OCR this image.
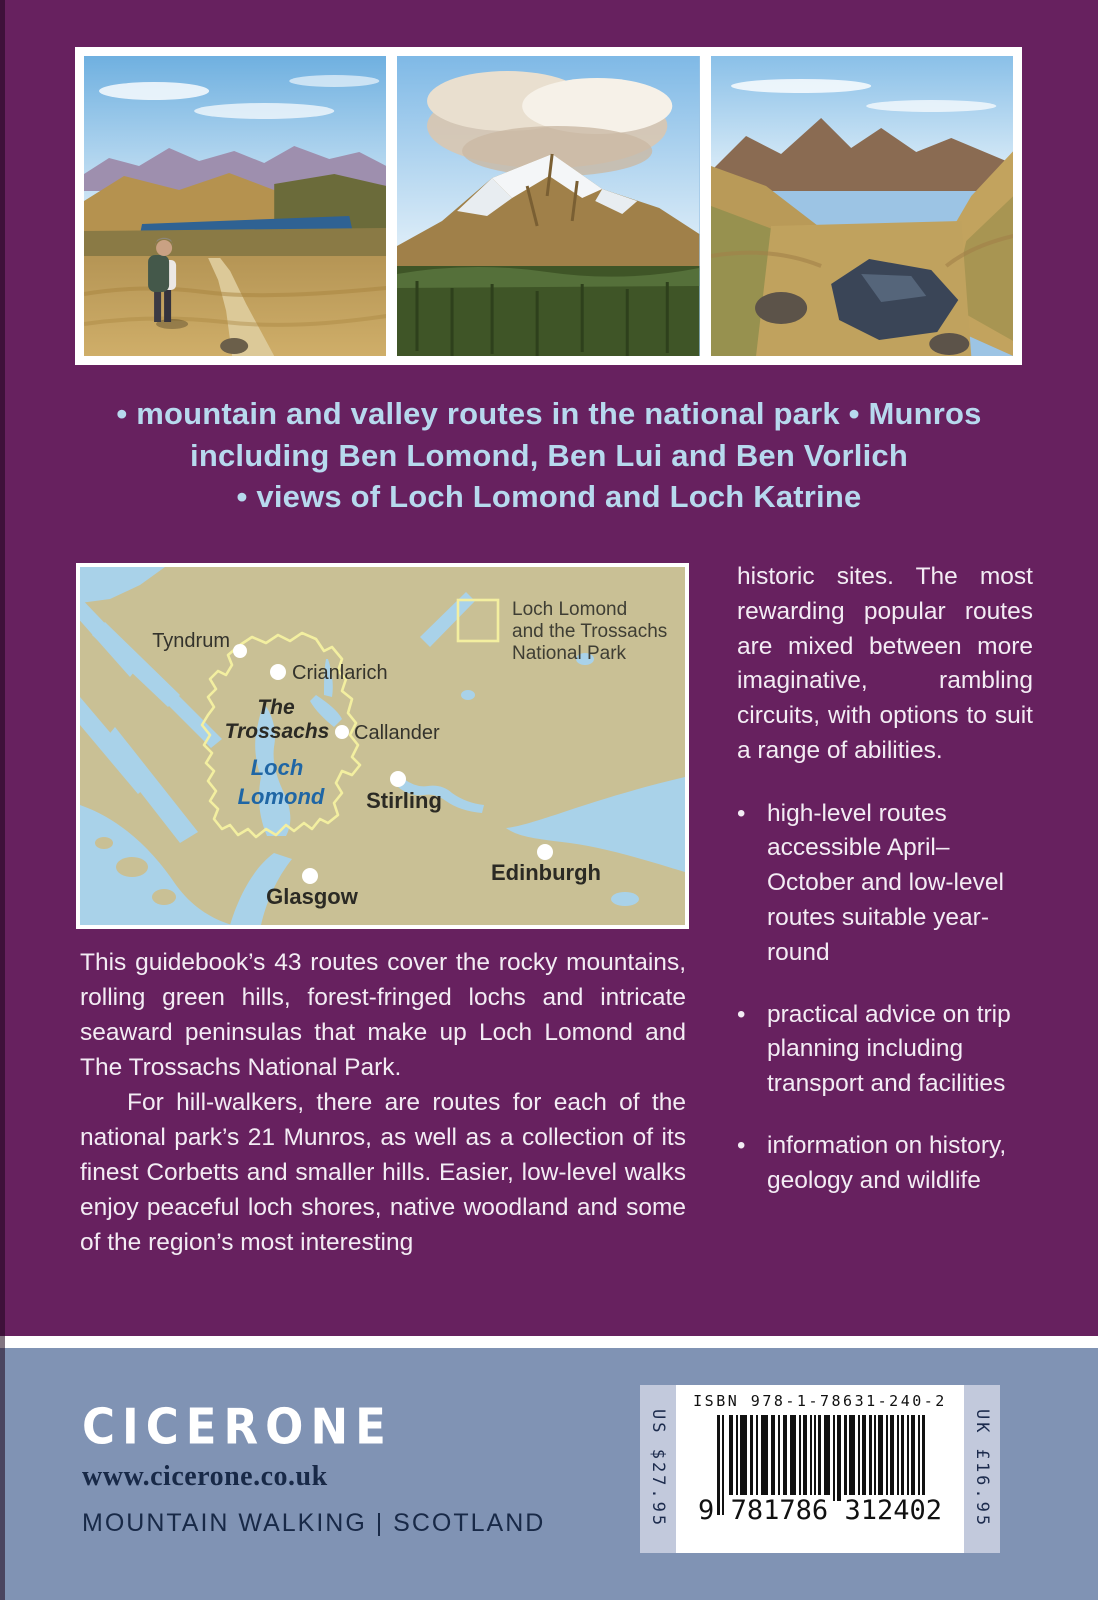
• mountain and valley routes in the national park • Munros
including Ben Lomond, Ben Lui and Ben Vorlich
• views of Loch Lomond and Loch Katrine
Loch Lomond
and the Trossachs
National Park
Tyndrum
Crianlarich
Callander
The
Trossachs
Loch
Lomond Stirling
Glasgow
Edinburgh

This guidebook’s 43 routes cover the rocky mountains, rolling green hills, forest-fringed lochs and intricate seaward peninsulas that make up Loch Lomond and The Trossachs National Park.

For hill-walkers, there are routes for each of the national park’s 21 Munros, as well as a collection of its finest Corbetts and smaller hills. Easier, low-level walks enjoy peaceful loch shores, native woodland and some of the region’s most interesting

historic sites. The most rewarding popular routes are mixed between more imaginative, rambling circuits, with options to suit a range of abilities.

• high-level routes accessible April–October and low-level routes suitable year-round
• practical advice on trip planning including transport and facilities
• information on history, geology and wildlife
CICERONE
www.cicerone.co.uk
MOUNTAIN WALKING | SCOTLAND	US $27.95
ISBN 978-1-78631-240-2
9 781786 312402	UK £16.95
